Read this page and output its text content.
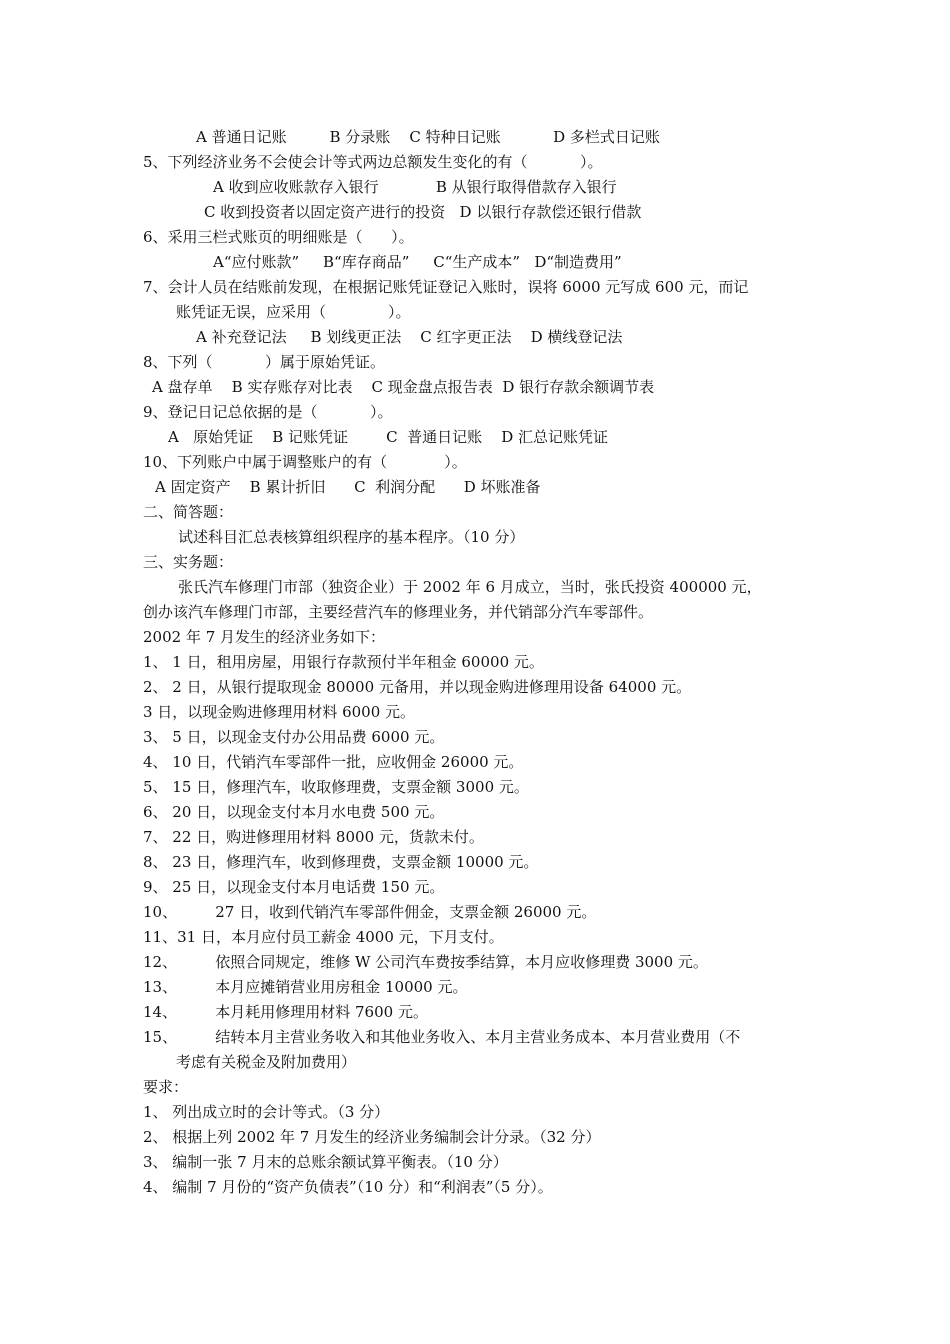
A 普通日记账         B 分录账    C 特种日记账           D 多栏式日记账
5、下列经济业务不会使会计等式两边总额发生变化的有（           ）。
A 收到应收账款存入银行            B 从银行取得借款存入银行
C 收到投资者以固定资产进行的投资   D 以银行存款偿还银行借款
6、采用三栏式账页的明细账是（      ）。
A“应付账款”     B“库存商品”     C“生产成本”   D“制造费用”
7、会计人员在结账前发现，在根据记账凭证登记入账时，误将 6000 元写成 600 元，而记
账凭证无误，应采用（             ）。
A 补充登记法     B 划线更正法    C 红字更正法    D 横线登记法
8、下列（           ）属于原始凭证。
A 盘存单    B 实存账存对比表    C 现金盘点报告表  D 银行存款余额调节表
9、登记日记总依据的是（           ）。
A   原始凭证    B 记账凭证        C  普通日记账    D 汇总记账凭证
10、下列账户中属于调整账户的有（            ）。
A 固定资产    B 累计折旧      C  利润分配      D 坏账准备
二、简答题：
试述科目汇总表核算组织程序的基本程序。（10 分）
三、实务题：
张氏汽车修理门市部（独资企业）于 2002 年 6 月成立，当时，张氏投资 400000 元，
创办该汽车修理门市部，主要经营汽车的修理业务，并代销部分汽车零部件。
2002 年 7 月发生的经济业务如下：
1、 1 日，租用房屋，用银行存款预付半年租金 60000 元。
2、 2 日，从银行提取现金 80000 元备用，并以现金购进修理用设备 64000 元。
3 日，以现金购进修理用材料 6000 元。
3、 5 日，以现金支付办公用品费 6000 元。
4、 10 日，代销汽车零部件一批，应收佣金 26000 元。
5、 15 日，修理汽车，收取修理费，支票金额 3000 元。
6、 20 日，以现金支付本月水电费 500 元。
7、 22 日，购进修理用材料 8000 元，货款未付。
8、 23 日，修理汽车，收到修理费，支票金额 10000 元。
9、 25 日，以现金支付本月电话费 150 元。
10、        27 日，收到代销汽车零部件佣金，支票金额 26000 元。
11、31 日，本月应付员工薪金 4000 元，下月支付。
12、        依照合同规定，维修 W 公司汽车费按季结算，本月应收修理费 3000 元。
13、        本月应摊销营业用房租金 10000 元。
14、        本月耗用修理用材料 7600 元。
15、        结转本月主营业务收入和其他业务收入、本月主营业务成本、本月营业费用（不
考虑有关税金及附加费用）
要求：
1、 列出成立时的会计等式。（3 分）
2、 根据上列 2002 年 7 月发生的经济业务编制会计分录。（32 分）
3、 编制一张 7 月末的总账余额试算平衡表。（10 分）
4、 编制 7 月份的“资产负债表”（10 分）和“利润表”（5 分）。
